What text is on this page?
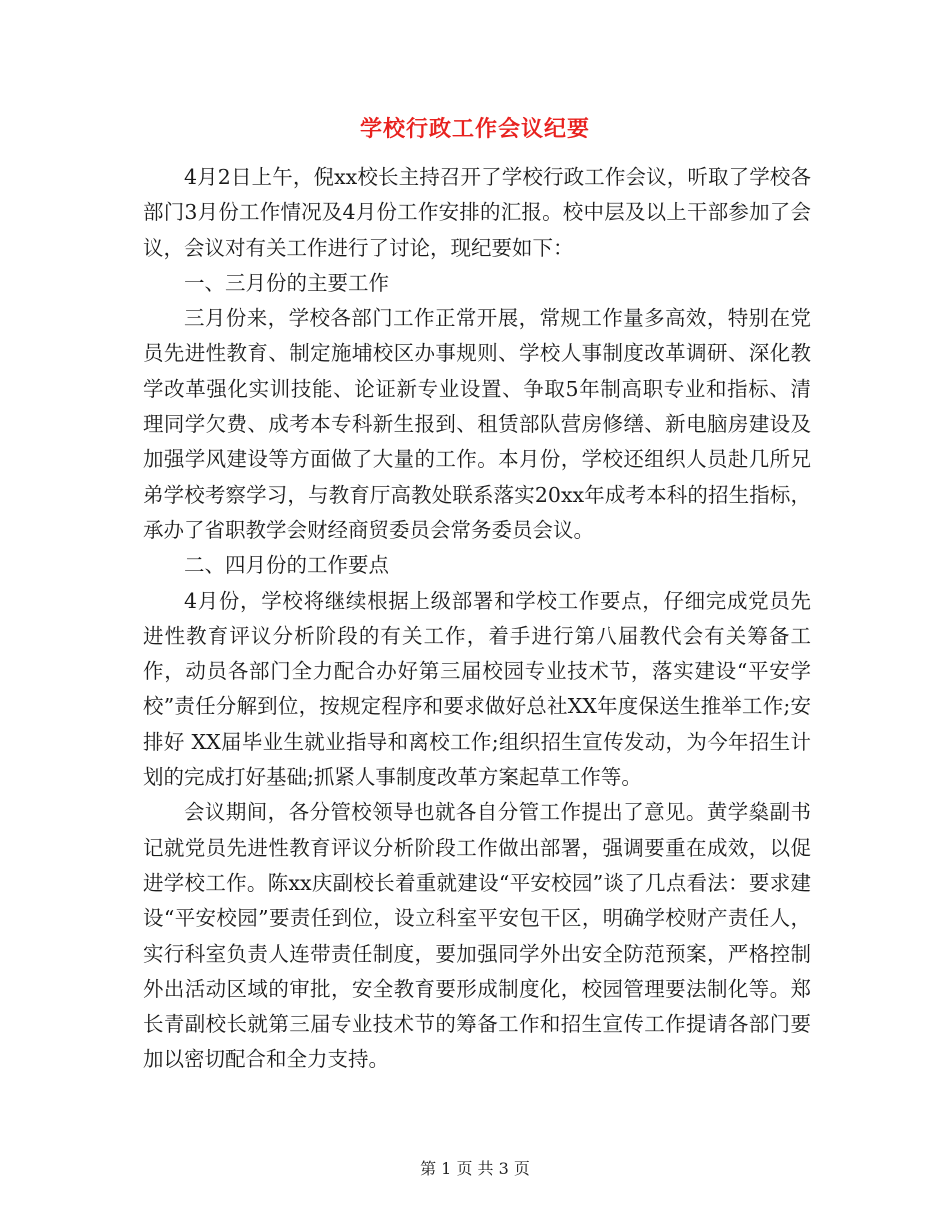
学校行政工作会议纪要

4月2日上午，倪xx校长主持召开了学校行政工作会议，听取了学校各部门3月份工作情况及4月份工作安排的汇报。校中层及以上干部参加了会议，会议对有关工作进行了讨论，现纪要如下：

一、三月份的主要工作

三月份来，学校各部门工作正常开展，常规工作量多高效，特别在党员先进性教育、制定施埔校区办事规则、学校人事制度改革调研、深化教学改革强化实训技能、论证新专业设置、争取5年制高职专业和指标、清理同学欠费、成考本专科新生报到、租赁部队营房修缮、新电脑房建设及加强学风建设等方面做了大量的工作。本月份，学校还组织人员赴几所兄弟学校考察学习，与教育厅高教处联系落实20xx年成考本科的招生指标，承办了省职教学会财经商贸委员会常务委员会议。

二、四月份的工作要点

4月份，学校将继续根据上级部署和学校工作要点，仔细完成党员先进性教育评议分析阶段的有关工作，着手进行第八届教代会有关筹备工作，动员各部门全力配合办好第三届校园专业技术节，落实建设“平安学校”责任分解到位，按规定程序和要求做好总社XX年度保送生推举工作;安排好 XX届毕业生就业指导和离校工作;组织招生宣传发动，为今年招生计划的完成打好基础;抓紧人事制度改革方案起草工作等。

会议期间，各分管校领导也就各自分管工作提出了意见。黄学燊副书记就党员先进性教育评议分析阶段工作做出部署，强调要重在成效，以促进学校工作。陈xx庆副校长着重就建设“平安校园”谈了几点看法：要求建设“平安校园”要责任到位，设立科室平安包干区，明确学校财产责任人，实行科室负责人连带责任制度，要加强同学外出安全防范预案，严格控制外出活动区域的审批，安全教育要形成制度化，校园管理要法制化等。郑长青副校长就第三届专业技术节的筹备工作和招生宣传工作提请各部门要加以密切配合和全力支持。

第 1 页 共 3 页
